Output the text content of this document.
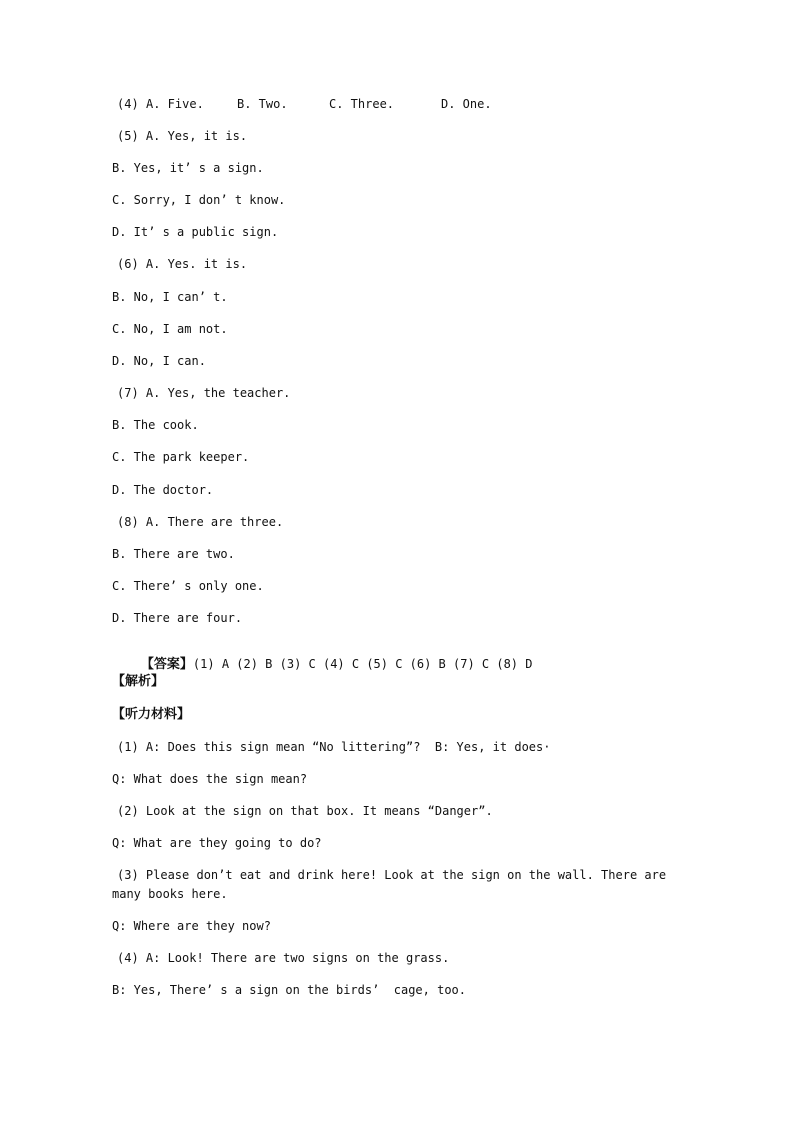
(4) A. Five.	B. Two.	C. Three.	D. One.
(5) A. Yes, it is.
B. Yes, it’ s a sign.
C. Sorry, I don’ t know.
D. It’ s a public sign.
(6) A. Yes. it is.
B. No, I can’ t.
C. No, I am not.
D. No, I can.
(7) A. Yes, the teacher.
B. The cook.
C. The park keeper.
D. The doctor.
(8) A. There are three.
B. There are two.
C. There’ s only one.
D. There are four.

【答案】(1) A (2) B (3) C (4) C (5) C (6) B (7) C (8) D

【解析】
【听力材料】
(1) A: Does this sign mean “No littering”?  B: Yes, it does·
Q: What does the sign mean?
(2) Look at the sign on that box. It means “Danger”.
Q: What are they going to do?
(3) Please don’t eat and drink here! Look at the sign on the wall. There are
many books here.
Q: Where are they now?
(4) A: Look! There are two signs on the grass.
B: Yes, There’ s a sign on the birds’  cage, too.
